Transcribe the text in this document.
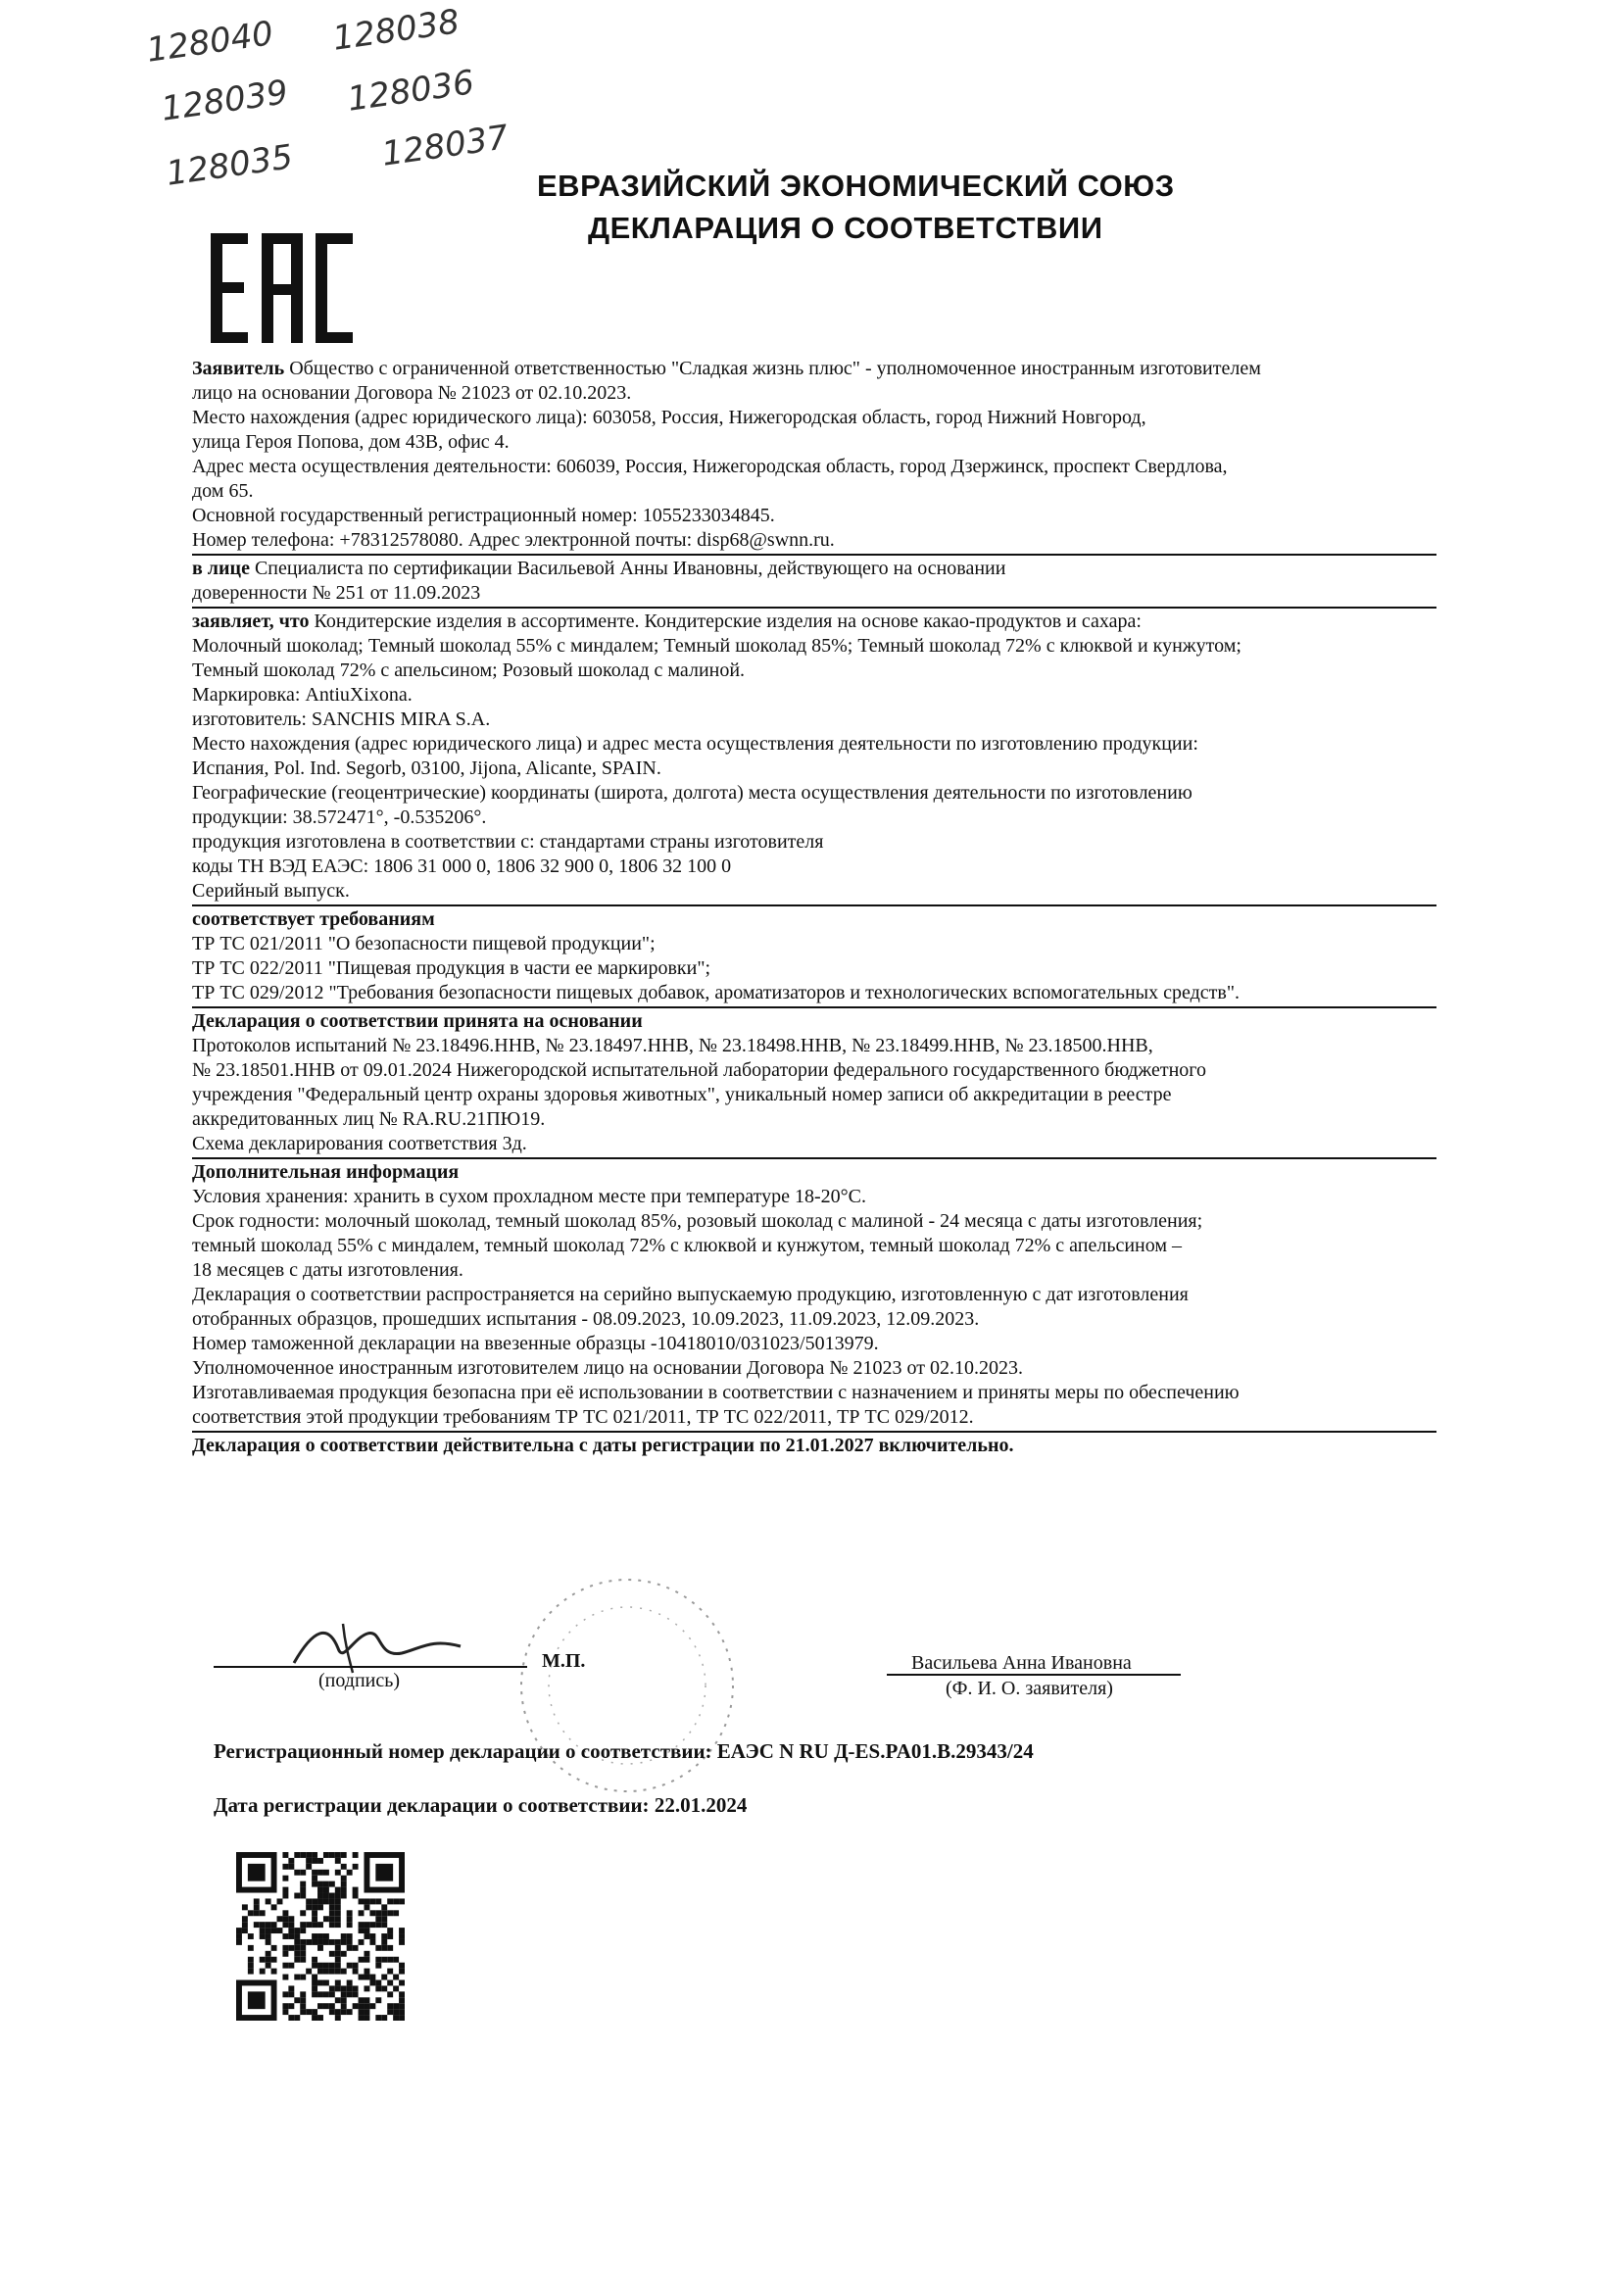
128040 128038
128039 128036
128035	128037
ЕВРАЗИЙСКИЙ ЭКОНОМИЧЕСКИЙ СОЮЗ
ДЕКЛАРАЦИЯ О СООТВЕТСТВИИ
Заявитель Общество с ограниченной ответственностью "Сладкая жизнь плюс" - уполномоченное иностранным изготовителем
лицо на основании Договора № 21023 от 02.10.2023.
Место нахождения (адрес юридического лица): 603058, Россия, Нижегородская область, город Нижний Новгород,
улица Героя Попова, дом 43В, офис 4.
Адрес места осуществления деятельности: 606039, Россия, Нижегородская область, город Дзержинск, проспект Свердлова,
дом 65.
Основной государственный регистрационный номер: 1055233034845.
Номер телефона: +78312578080. Адрес электронной почты: disp68@swnn.ru.
в лице Специалиста по сертификации Васильевой Анны Ивановны, действующего на основании
доверенности № 251 от 11.09.2023
заявляет, что Кондитерские изделия в ассортименте. Кондитерские изделия на основе какао-продуктов и сахара:
Молочный шоколад; Темный шоколад 55% с миндалем; Темный шоколад 85%; Темный шоколад 72% с клюквой и кунжутом;
Темный шоколад 72% с апельсином; Розовый шоколад с малиной.
Маркировка: AntiuXixona.
изготовитель: SANCHIS MIRA S.A.
Место нахождения (адрес юридического лица) и адрес места осуществления деятельности по изготовлению продукции:
Испания, Pol. Ind. Segorb, 03100, Jijona, Alicante, SPAIN.
Географические (геоцентрические) координаты (широта, долгота) места осуществления деятельности по изготовлению
продукции: 38.572471°, -0.535206°.
продукция изготовлена в соответствии с: стандартами страны изготовителя
коды ТН ВЭД ЕАЭС: 1806 31 000 0, 1806 32 900 0, 1806 32 100 0
Серийный выпуск.
соответствует требованиям
ТР ТС 021/2011 "О безопасности пищевой продукции";
ТР ТС 022/2011 "Пищевая продукция в части ее маркировки";
ТР ТС 029/2012 "Требования безопасности пищевых добавок, ароматизаторов и технологических вспомогательных средств".
Декларация о соответствии принята на основании
Протоколов испытаний № 23.18496.ННВ, № 23.18497.ННВ, № 23.18498.ННВ, № 23.18499.ННВ, № 23.18500.ННВ,
№ 23.18501.ННВ от 09.01.2024 Нижегородской испытательной лаборатории федерального государственного бюджетного
учреждения "Федеральный центр охраны здоровья животных", уникальный номер записи об аккредитации в реестре
аккредитованных лиц № RA.RU.21ПЮ19.
Схема декларирования соответствия 3д.
Дополнительная информация
Условия хранения: хранить в сухом прохладном месте при температуре 18-20°С.
Срок годности: молочный шоколад, темный шоколад 85%, розовый шоколад с малиной - 24 месяца с даты изготовления;
темный шоколад 55% с миндалем, темный шоколад 72% с клюквой и кунжутом, темный шоколад 72% с апельсином –
18 месяцев с даты изготовления.
Декларация о соответствии распространяется на серийно выпускаемую продукцию, изготовленную с дат изготовления
отобранных образцов, прошедших испытания - 08.09.2023, 10.09.2023, 11.09.2023, 12.09.2023.
Номер таможенной декларации на ввезенные образцы -10418010/031023/5013979.
Уполномоченное иностранным изготовителем лицо на основании Договора № 21023 от 02.10.2023.
Изготавливаемая продукция безопасна при её использовании в соответствии с назначением и приняты меры по обеспечению
соответствия этой продукции требованиям ТР ТС 021/2011, ТР ТС 022/2011, ТР ТС 029/2012.
Декларация о соответствии действительна с даты регистрации по 21.01.2027 включительно.
(подпись)
М.П.	Васильева Анна Ивановна
(Ф. И. О. заявителя)
Регистрационный номер декларации о соответствии: ЕАЭС N RU Д-ES.PA01.В.29343/24
Дата регистрации декларации о соответствии: 22.01.2024
